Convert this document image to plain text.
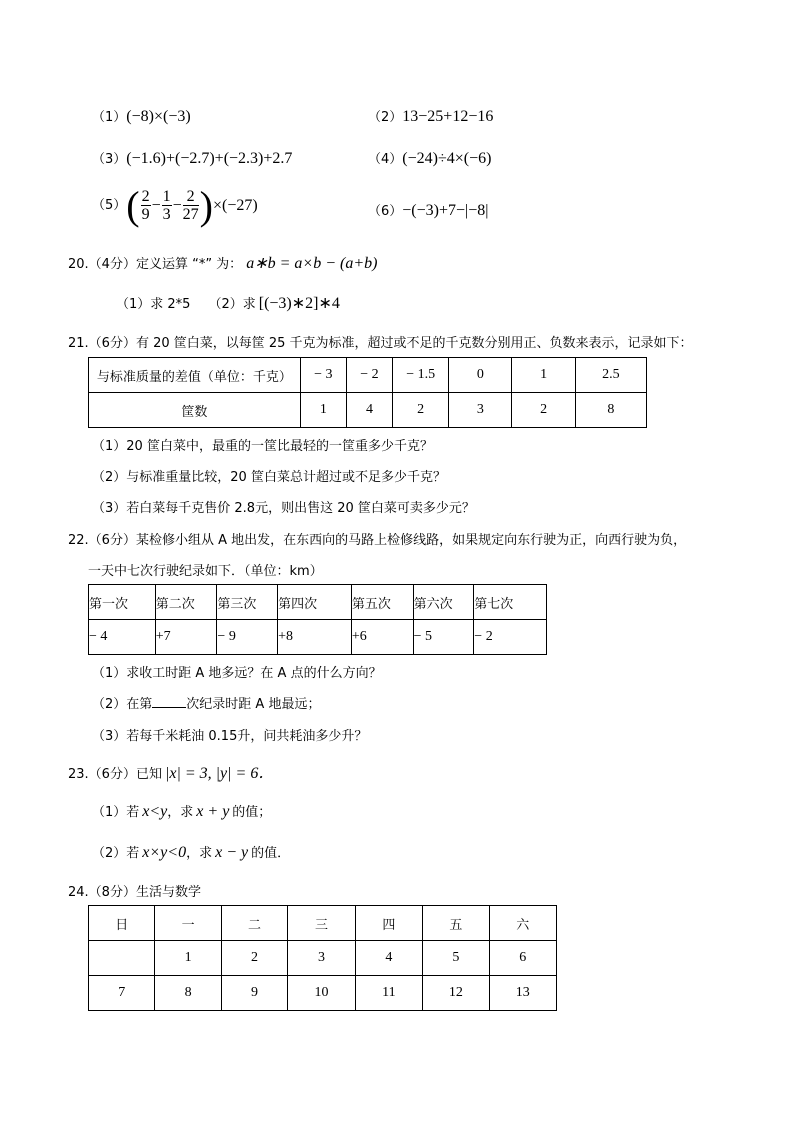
（1）(−8)×(−3)	（2）13−25+12−16
（3）(−1.6)+(−2.7)+(−2.3)+2.7	（4）(−24)÷4×(−6)
$(5)( \frac{2}{9} - \frac{1}{3} - \frac{2}{27} )\times(-27)$	（6）−(−3)+7−|−8|
20.（4分）定义运算 “*” 为： a∗b = a×b − (a+b)
（1）求 2*5 （2）求 [(−3)∗2]∗4
21.（6分）有 20 筐白菜，以每筐 25 千克为标准，超过或不足的千克数分别用正、负数来表示，记录如下：
与标准质量的差值（单位：千克）	− 3	− 2	− 1.5	0	1	2.5
筐数	1	4	2	3	2	8
（1）20 筐白菜中，最重的一筐比最轻的一筐重多少千克？
（2）与标准重量比较，20 筐白菜总计超过或不足多少千克？
（3）若白菜每千克售价 2.8元，则出售这 20 筐白菜可卖多少元？
22.（6分）某检修小组从 A 地出发，在东西向的马路上检修线路，如果规定向东行驶为正，向西行驶为负，
一天中七次行驶纪录如下．（单位：km）
第一次	第二次	第三次	第四次	第五次	第六次	第七次
− 4	+7	− 9	+8	+6	− 5	− 2
（1）求收工时距 A 地多远？在 A 点的什么方向？
（2）在第	次纪录时距 A 地最远；
（3）若每千米耗油 0.15升，问共耗油多少升？
23.（6分）已知 |x| = 3, |y| = 6．
（1）若 x<y，求 x + y 的值；
（2）若 x×y<0，求 x − y 的值．
24.（8分）生活与数学
日	一	二	三	四	五	六
	1	2	3	4	5	6
7	8	9	10	11	12	13
